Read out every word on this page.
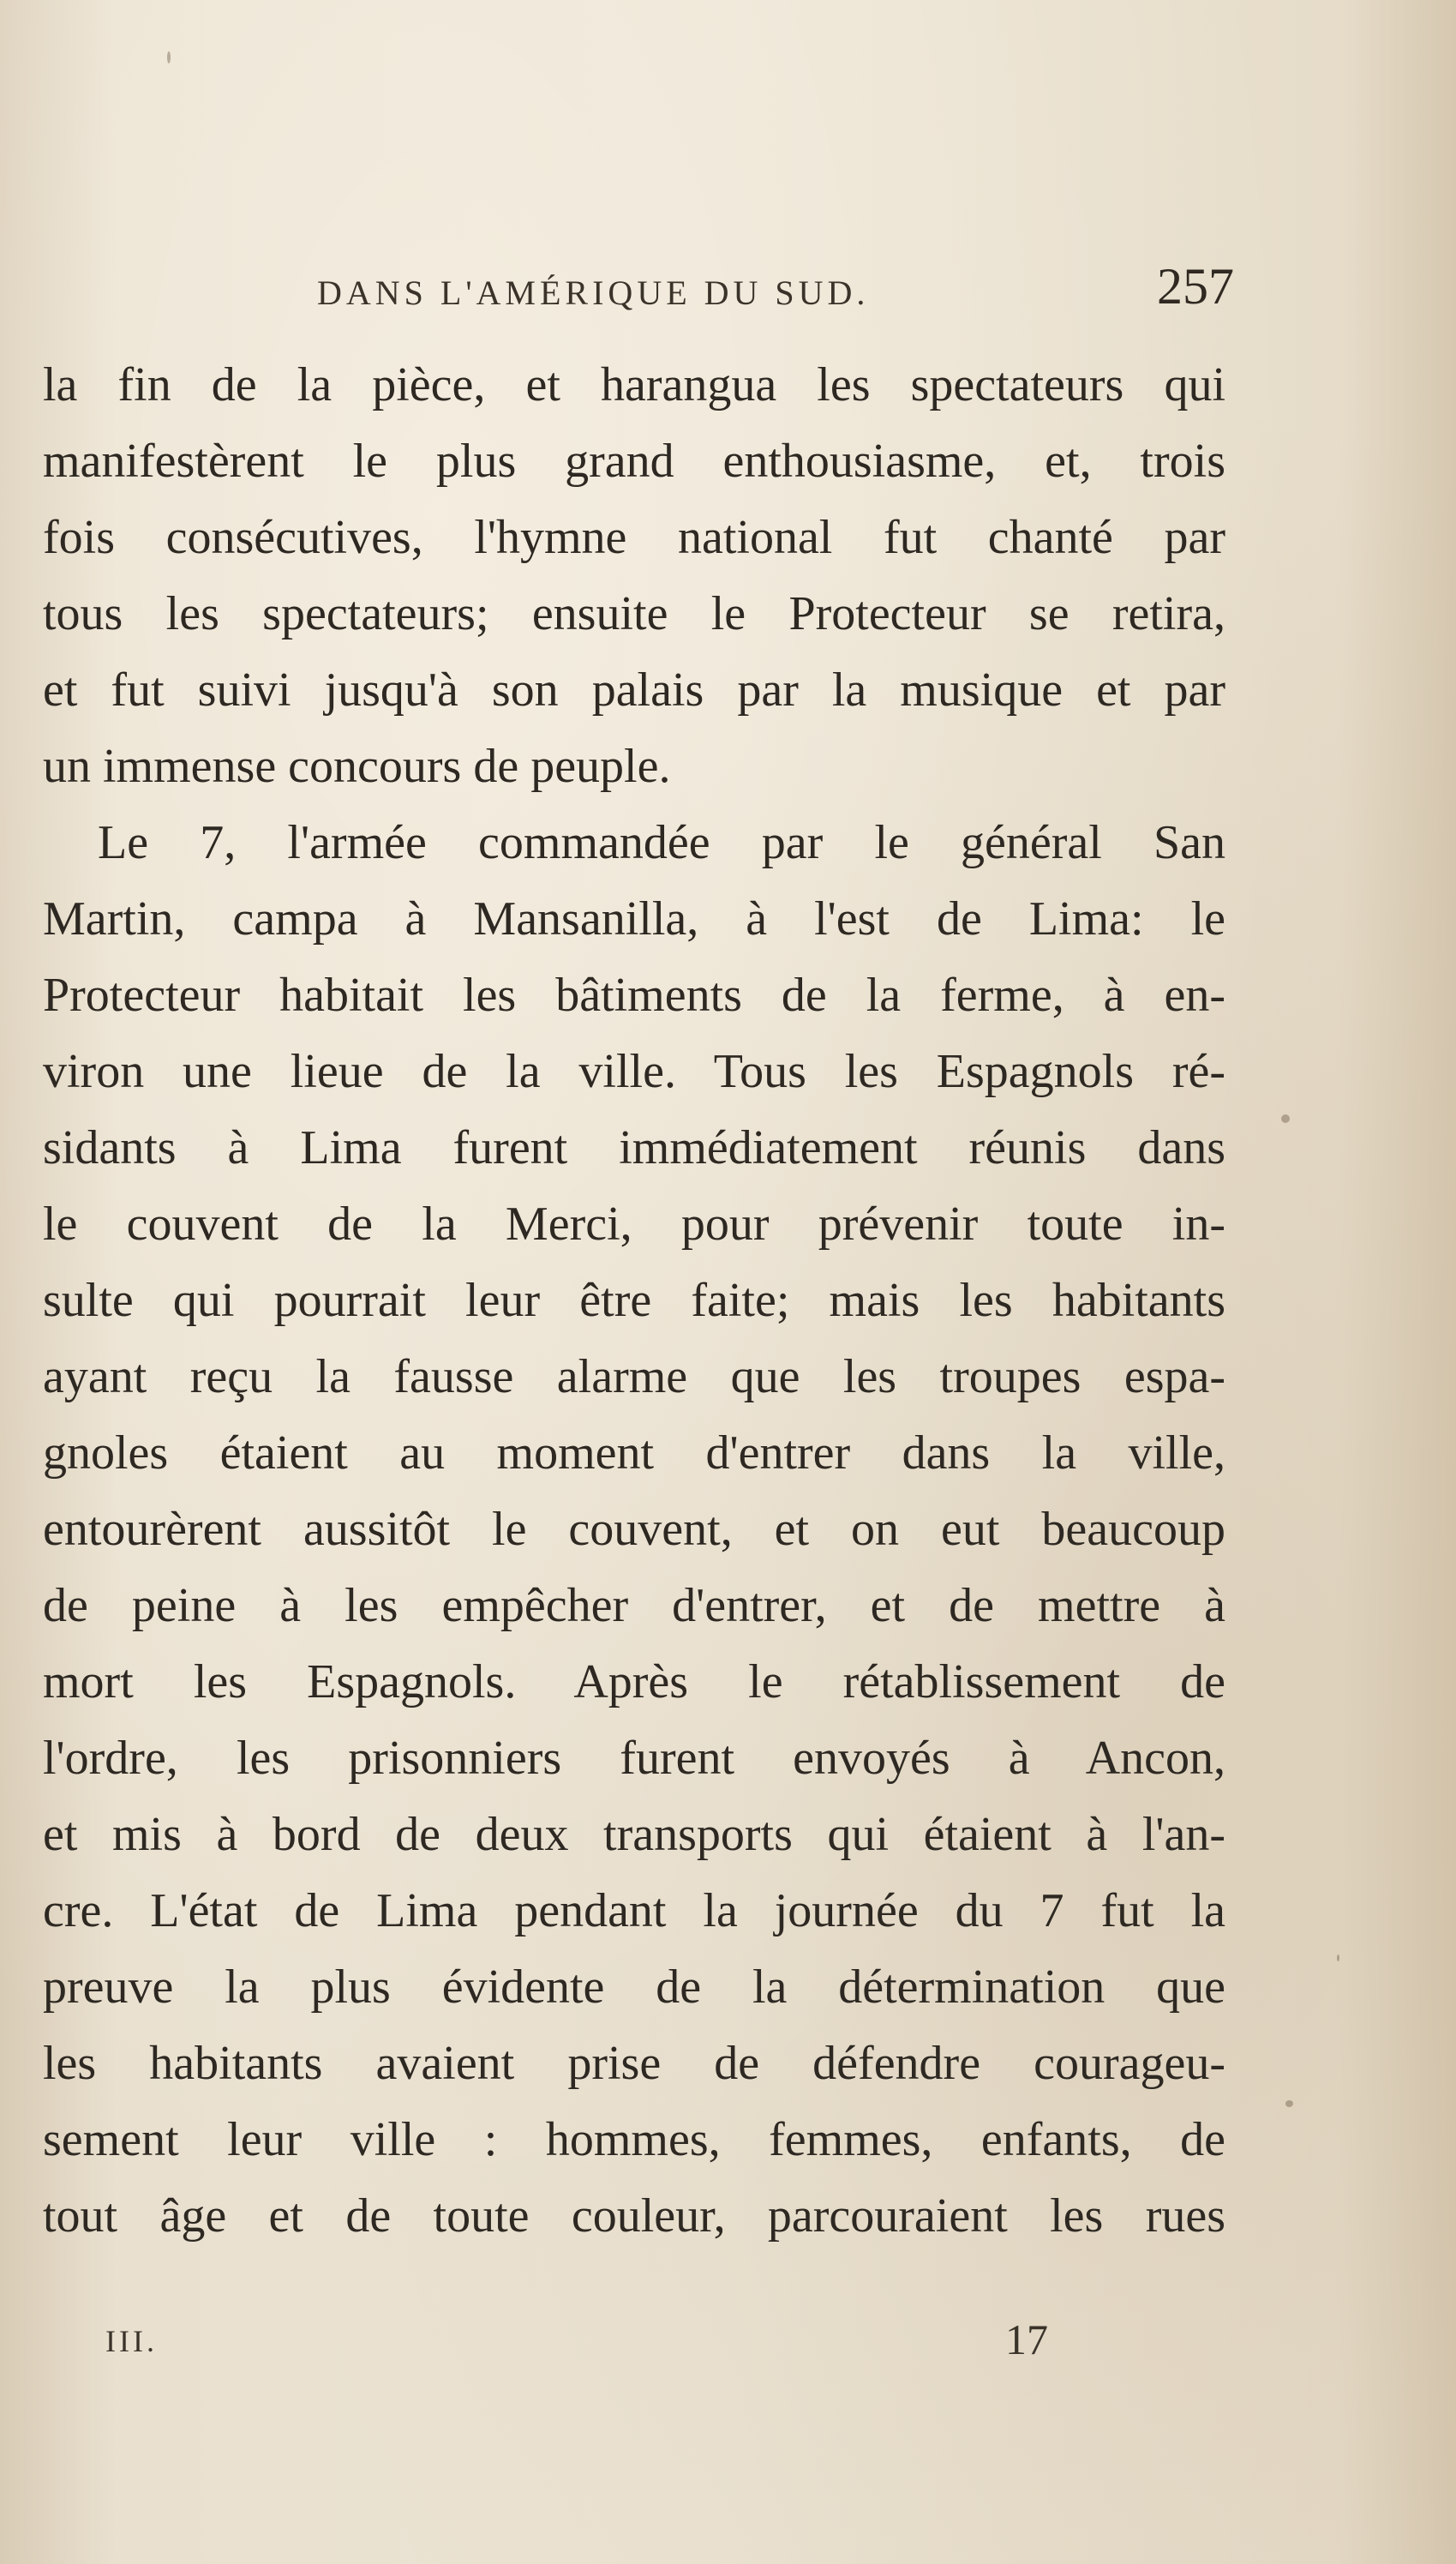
DANS L'AMÉRIQUE DU SUD.	257
la fin de la pièce, et harangua les spectateurs qui
manifestèrent le plus grand enthousiasme, et, trois
fois consécutives, l'hymne national fut chanté par
tous les spectateurs; ensuite le Protecteur se retira,
et fut suivi jusqu'à son palais par la musique et par
un immense concours de peuple.
Le 7, l'armée commandée par le général San
Martin, campa à Mansanilla, à l'est de Lima: le
Protecteur habitait les bâtiments de la ferme, à en-
viron une lieue de la ville. Tous les Espagnols ré-
sidants à Lima furent immédiatement réunis dans
le couvent de la Merci, pour prévenir toute in-
sulte qui pourrait leur être faite; mais les habitants
ayant reçu la fausse alarme que les troupes espa-
gnoles étaient au moment d'entrer dans la ville,
entourèrent aussitôt le couvent, et on eut beaucoup
de peine à les empêcher d'entrer, et de mettre à
mort les Espagnols. Après le rétablissement de
l'ordre, les prisonniers furent envoyés à Ancon,
et mis à bord de deux transports qui étaient à l'an-
cre. L'état de Lima pendant la journée du 7 fut la
preuve la plus évidente de la détermination que
les habitants avaient prise de défendre courageu-
sement leur ville : hommes, femmes, enfants, de
tout âge et de toute couleur, parcouraient les rues
III.	17
